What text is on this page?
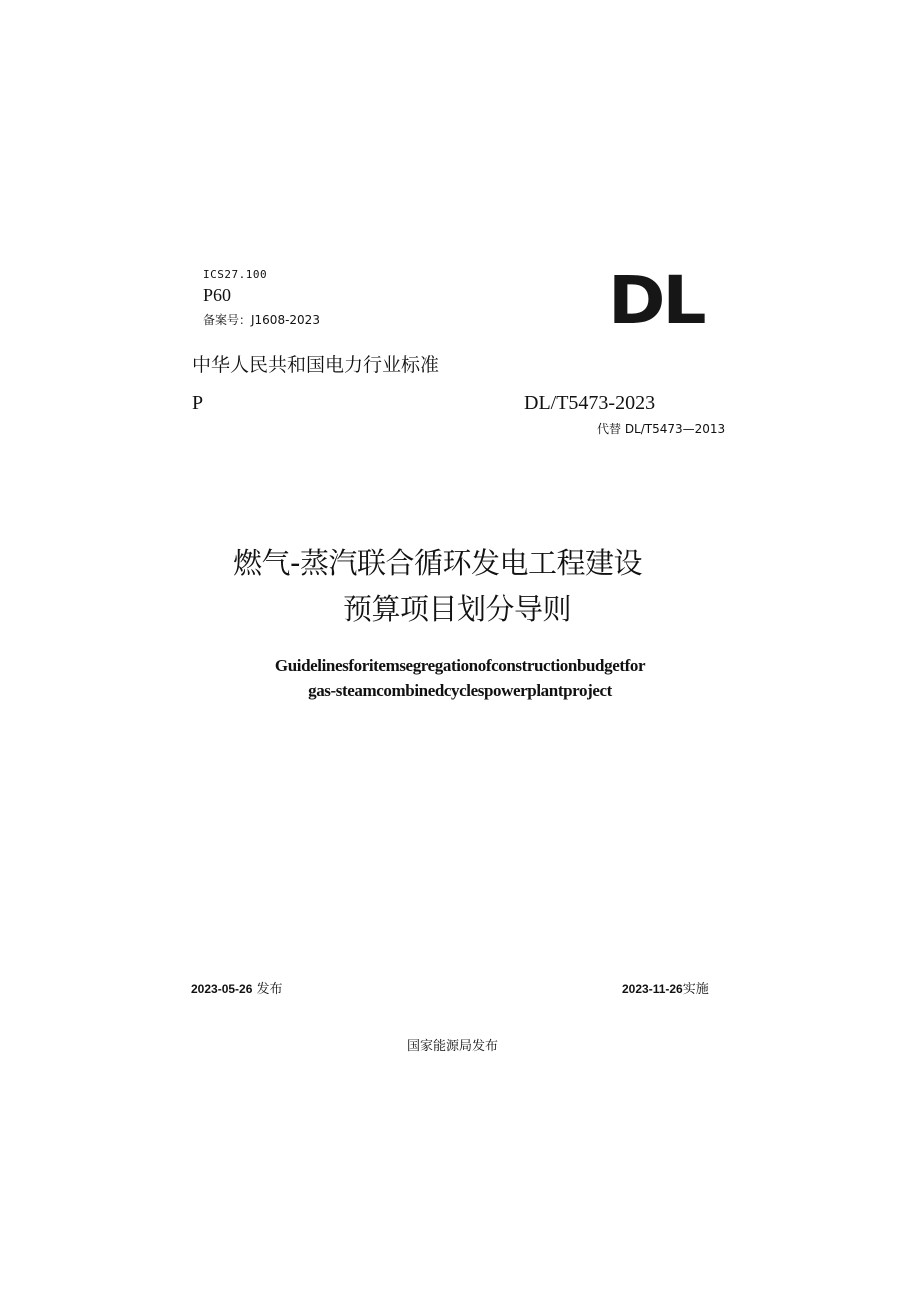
ICS27.100
P60
备案号：J1608-2023	DL
中华人民共和国电力行业标准
P	DL/T5473-2023
代替 DL/T5473—2013
燃气-蒸汽联合循环发电工程建设
预算项目划分导则
Guidelinesforitemsegregationofconstructionbudgetfor
gas-steamcombinedcyclespowerplantproject
2023-05-26 发布	2023-11-26实施
国家能源局发布
